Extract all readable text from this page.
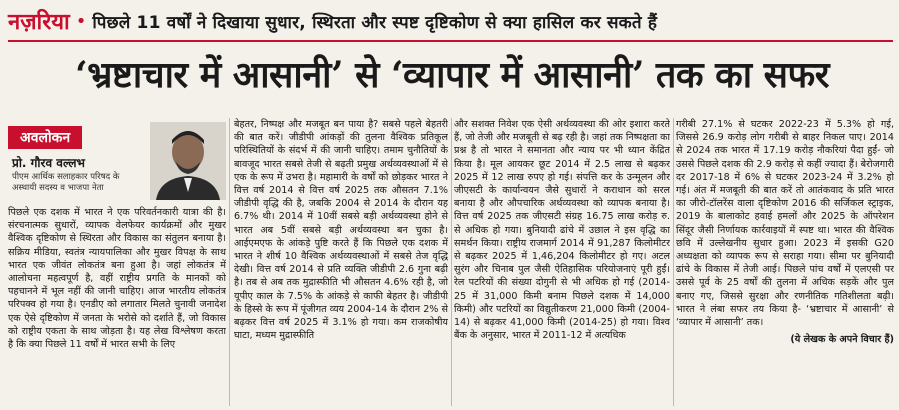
नज़रिया • पिछले 11 वर्षों ने दिखाया सुधार, स्थिरता और स्पष्ट दृष्टिकोण से क्या हासिल कर सकते हैं
‘भ्रष्टाचार में आसानी’ से ‘व्यापार में आसानी’ तक का सफर
अवलोकन
प्रो. गौरव वल्लभ
पीएम आर्थिक सलाहकार परिषद के अस्थायी सदस्य व भाजपा नेता
पिछले एक दशक में भारत ने एक परिवर्तनकारी यात्रा की है। संरचनात्मक सुधारों, व्यापक वेलफेयर कार्यक्रमों और मुखर वैश्विक दृष्टिकोण से स्थिरता और विकास का संतुलन बनाया है। सक्रिय मीडिया, स्वतंत्र न्यायपालिका और मुखर विपक्ष के साथ भारत एक जीवंत लोकतंत्र बना हुआ है। जहां लोकतंत्र में आलोचना महत्वपूर्ण है, वहीं राष्ट्रीय प्रगति के मानकों को पहचानने में भूल नहीं की जानी चाहिए। आज भारतीय लोकतंत्र परिपक्व हो गया है। एनडीए को लगातार मिलते चुनावी जनादेश एक ऐसे दृष्टिकोण में जनता के भरोसे को दर्शाते हैं, जो विकास को राष्ट्रीय एकता के साथ जोड़ता है। यह लेख विश्लेषण करता है कि क्या पिछले 11 वर्षों में भारत सभी के लिए
बेहतर, निष्पक्ष और मजबूत बन पाया है? सबसे पहले बेहतरी की बात करें। जीडीपी आंकड़ों की तुलना वैश्विक प्रतिकूल परिस्थितियों के संदर्भ में की जानी चाहिए। तमाम चुनौतियों के बावजूद भारत सबसे तेजी से बढ़ती प्रमुख अर्थव्यवस्थाओं में से एक के रूप में उभरा है। महामारी के वर्षों को छोड़कर भारत ने वित्त वर्ष 2014 से वित्त वर्ष 2025 तक औसतन 7.1% जीडीपी वृद्धि की है, जबकि 2004 से 2014 के दौरान यह 6.7% थी। 2014 में 10वीं सबसे बड़ी अर्थव्यवस्था होने से भारत अब 5वीं सबसे बड़ी अर्थव्यवस्था बन चुका है। आईएमएफ के आंकड़े पुष्टि करते हैं कि पिछले एक दशक में भारत ने शीर्ष 10 वैश्विक अर्थव्यवस्थाओं में सबसे तेज वृद्धि देखी। वित्त वर्ष 2014 से प्रति व्यक्ति जीडीपी 2.6 गुना बढ़ी है। तब से अब तक मुद्रास्फीति भी औसतन 4.6% रही है, जो यूपीए काल के 7.5% के आंकड़े से काफी बेहतर है। जीडीपी के हिस्से के रूप में पूंजीगत व्यय 2004-14 के दौरान 2% से बढ़कर वित्त वर्ष 2025 में 3.1% हो गया। कम राजकोषीय घाटा, मध्यम मुद्रास्फीति
और सशक्त निवेश एक ऐसी अर्थव्यवस्था की ओर इशारा करते हैं, जो तेजी और मजबूती से बढ़ रही है। जहां तक निष्पक्षता का प्रश्न है तो भारत ने समानता और न्याय पर भी ध्यान केंद्रित किया है। मूल आयकर छूट 2014 में 2.5 लाख से बढ़कर 2025 में 12 लाख रुपए हो गई। संपत्ति कर के उन्मूलन और जीएसटी के कार्यान्वयन जैसे सुधारों ने कराधान को सरल बनाया है और औपचारिक अर्थव्यवस्था को व्यापक बनाया है। वित्त वर्ष 2025 तक जीएसटी संग्रह 16.75 लाख करोड़ रु. से अधिक हो गया। बुनियादी ढांचे में उछाल ने इस वृद्धि का समर्थन किया। राष्ट्रीय राजमार्ग 2014 में 91,287 किलोमीटर से बढ़कर 2025 में 1,46,204 किलोमीटर हो गए। अटल सुरंग और चिनाब पुल जैसी ऐतिहासिक परियोजनाएं पूरी हुईं। रेल पटरियों की संख्या दोगुनी से भी अधिक हो गई (2014-25 में 31,000 किमी बनाम पिछले दशक में 14,000 किमी) और पटरियों का विद्युतीकरण 21,000 किमी (2004-14) से बढ़कर 41,000 किमी (2014-25) हो गया। विश्व बैंक के अनुसार, भारत में 2011-12 में अत्यधिक
गरीबी 27.1% से घटकर 2022-23 में 5.3% हो गई, जिससे 26.9 करोड़ लोग गरीबी से बाहर निकल पाए। 2014 से 2024 तक भारत में 17.19 करोड़ नौकरियां पैदा हुईं- जो उससे पिछले दशक की 2.9 करोड़ से कहीं ज्यादा हैं। बेरोजगारी दर 2017-18 में 6% से घटकर 2023-24 में 3.2% हो गई। अंत में मजबूती की बात करें तो आतंकवाद के प्रति भारत का जीरो-टॉलरेंस वाला दृष्टिकोण 2016 की सर्जिकल स्ट्राइक, 2019 के बालाकोट हवाई हमलों और 2025 के ऑपरेशन सिंदूर जैसी निर्णायक कार्रवाइयों में स्पष्ट था। भारत की वैश्विक छवि में उल्लेखनीय सुधार हुआ। 2023 में इसकी G20 अध्यक्षता को व्यापक रूप से सराहा गया। सीमा पर बुनियादी ढांचे के विकास में तेजी आई। पिछले पांच वर्षों में एलएसी पर उससे पूर्व के 25 वर्षों की तुलना में अधिक सड़कें और पुल बनाए गए, जिससे सुरक्षा और रणनीतिक गतिशीलता बढ़ी। भारत ने लंबा सफर तय किया है- ‘भ्रष्टाचार में आसानी’ से ‘व्यापार में आसानी’ तक।
(ये लेखक के अपने विचार हैं)
